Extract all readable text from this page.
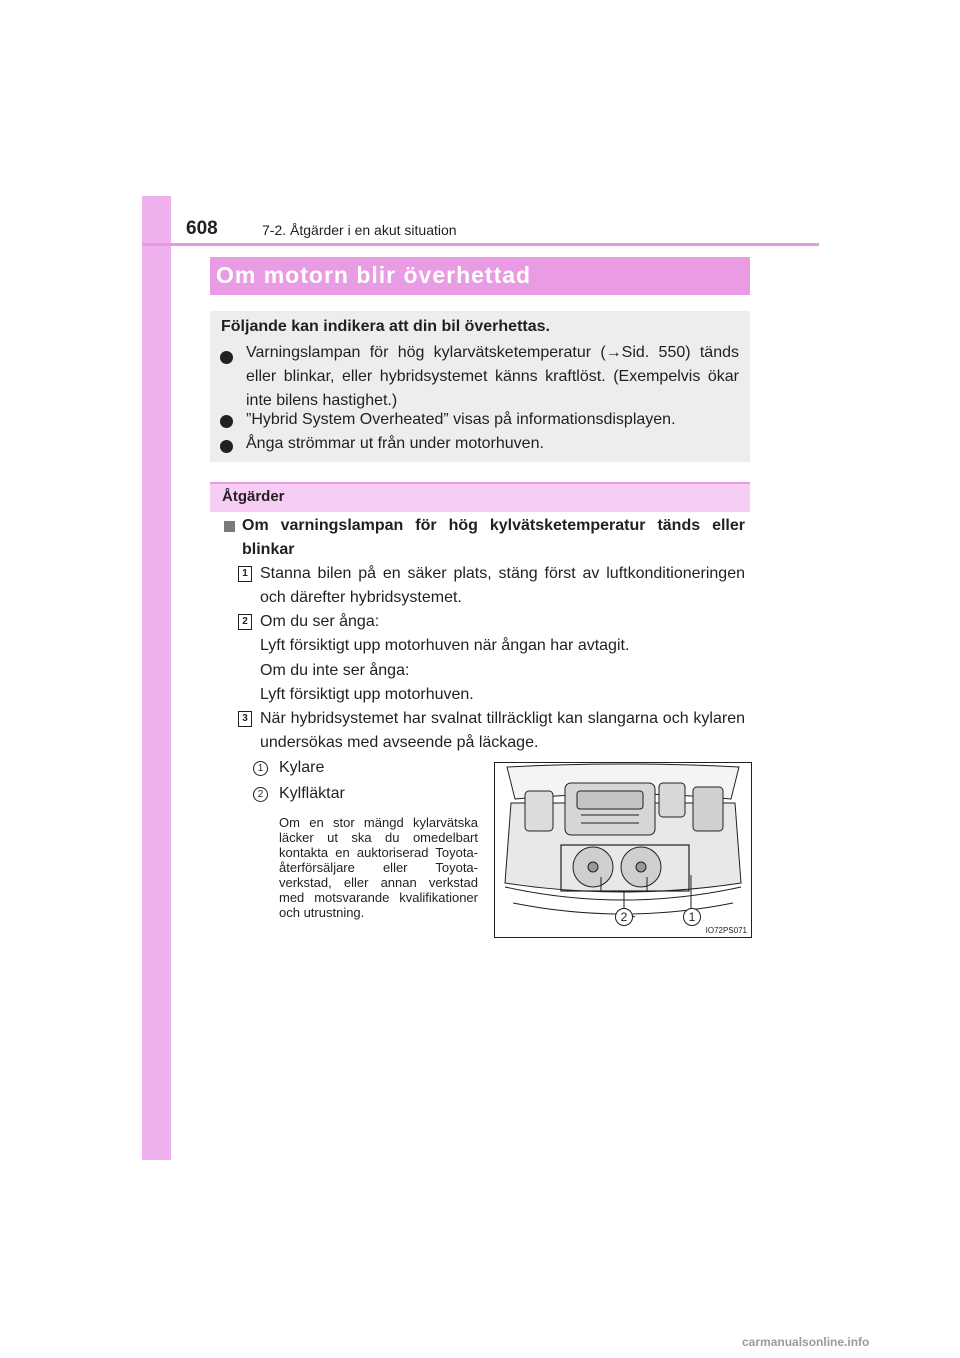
608	7-2. Åtgärder i en akut situation
Om motorn blir överhettad
Följande kan indikera att din bil överhettas.
Varningslampan för hög kylarvätsketemperatur (→Sid. 550) tänds eller blinkar, eller hybridsystemet känns kraftlöst. (Exempelvis ökar inte bilens hastighet.)
”Hybrid System Overheated” visas på informationsdisplayen.
Ånga strömmar ut från under motorhuven.
Åtgärder
Om varningslampan för hög kylvätsketemperatur tänds eller blinkar
1 Stanna bilen på en säker plats, stäng först av luftkonditioneringen och därefter hybridsystemet.
2 Om du ser ånga:
Lyft försiktigt upp motorhuven när ångan har avtagit.
Om du inte ser ånga:
Lyft försiktigt upp motorhuven.
3 När hybridsystemet har svalnat tillräckligt kan slangarna och kylaren undersökas med avseende på läckage.
1 Kylare
2 Kylfläktar
Om en stor mängd kylarvätska läcker ut ska du omedelbart kontakta en auktoriserad Toyota-återförsäljare eller Toyota-verkstad, eller annan verkstad med motsvarande kvalifikationer och utrustning.	2	1
IO72PS071
carmanualsonline.info
